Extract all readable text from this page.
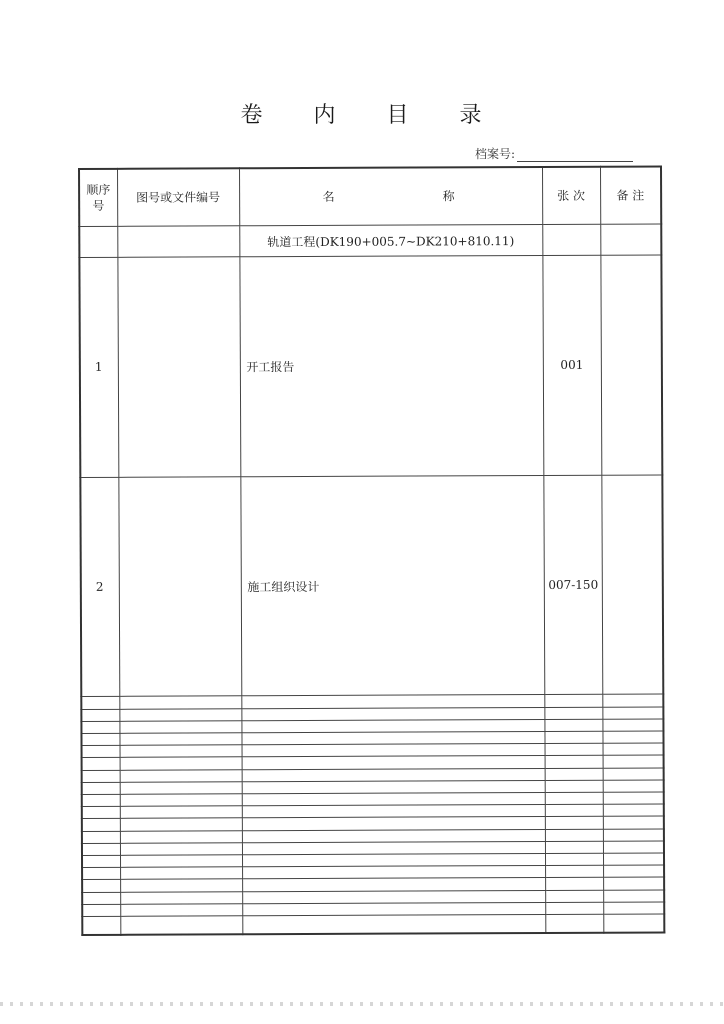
卷 内 目 录
档案号:
顺序号	图号或文件编号	名 称	张 次	备 注
		轨道工程(DK190+005.7~DK210+810.11)		
1		开工报告	001	
2		施工组织设计	007-150	
